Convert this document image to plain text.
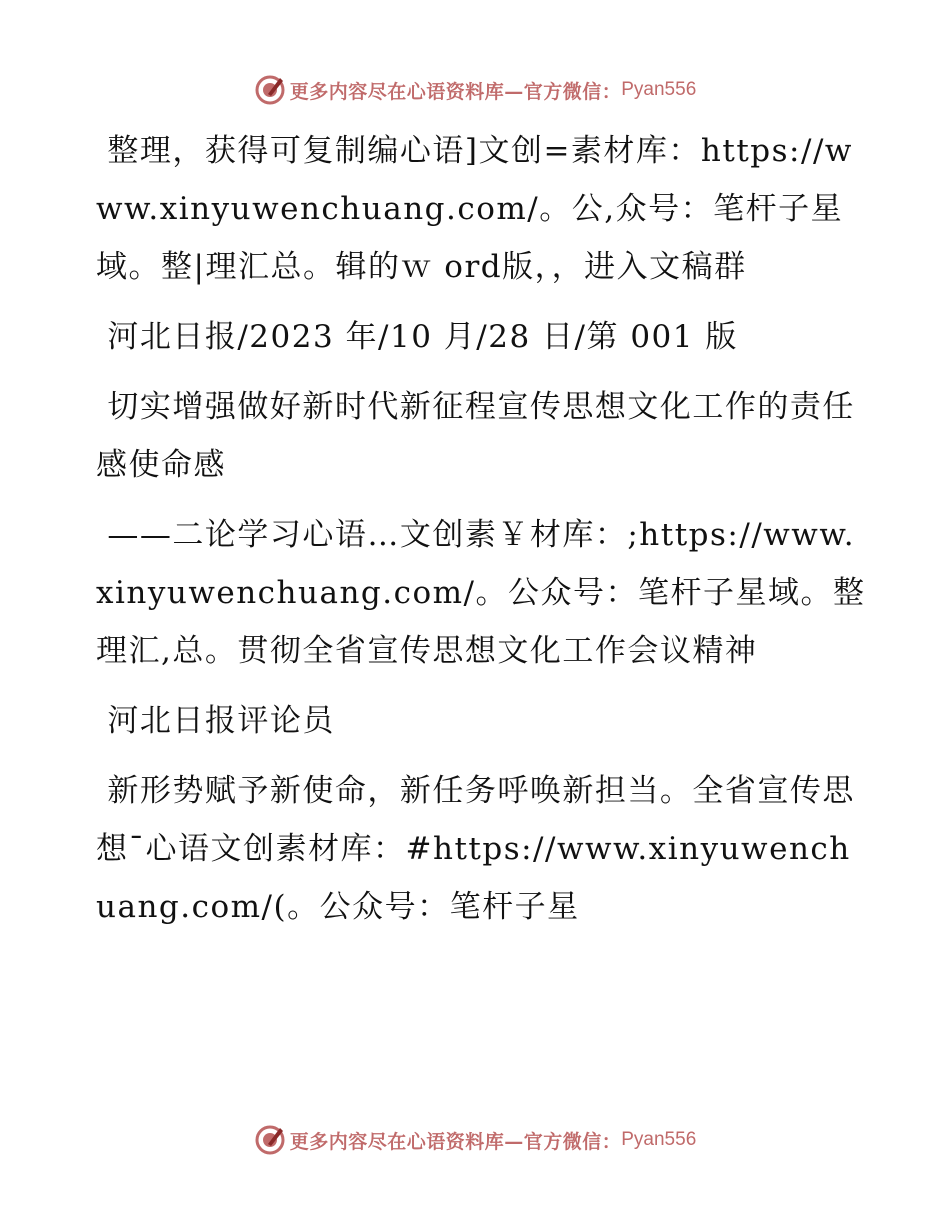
更多内容尽在心语资料库—官方微信： Pyan556

整理，获得可复制编心语]文创=素材库：https://www.xinyuwenchuang.com/。公,众号：笔杆子星域。整|理汇总。辑的ｗ ord版，，进入文稿群

河北日报/2023 年/10 月/28 日/第 001 版

切实增强做好新时代新征程宣传思想文化工作的责任感使命感

——二论学习心语…文创素￥材库：;https://www.xinyuwenchuang.com/。公众号：笔杆子星域。整理汇,总。贯彻全省宣传思想文化工作会议精神

河北日报评论员

新形势赋予新使命，新任务呼唤新担当。全省宣传思想¯心语文创素材库：#https://www.xinyuwenchuang.com/(。公众号：笔杆子星

更多内容尽在心语资料库—官方微信： Pyan556
